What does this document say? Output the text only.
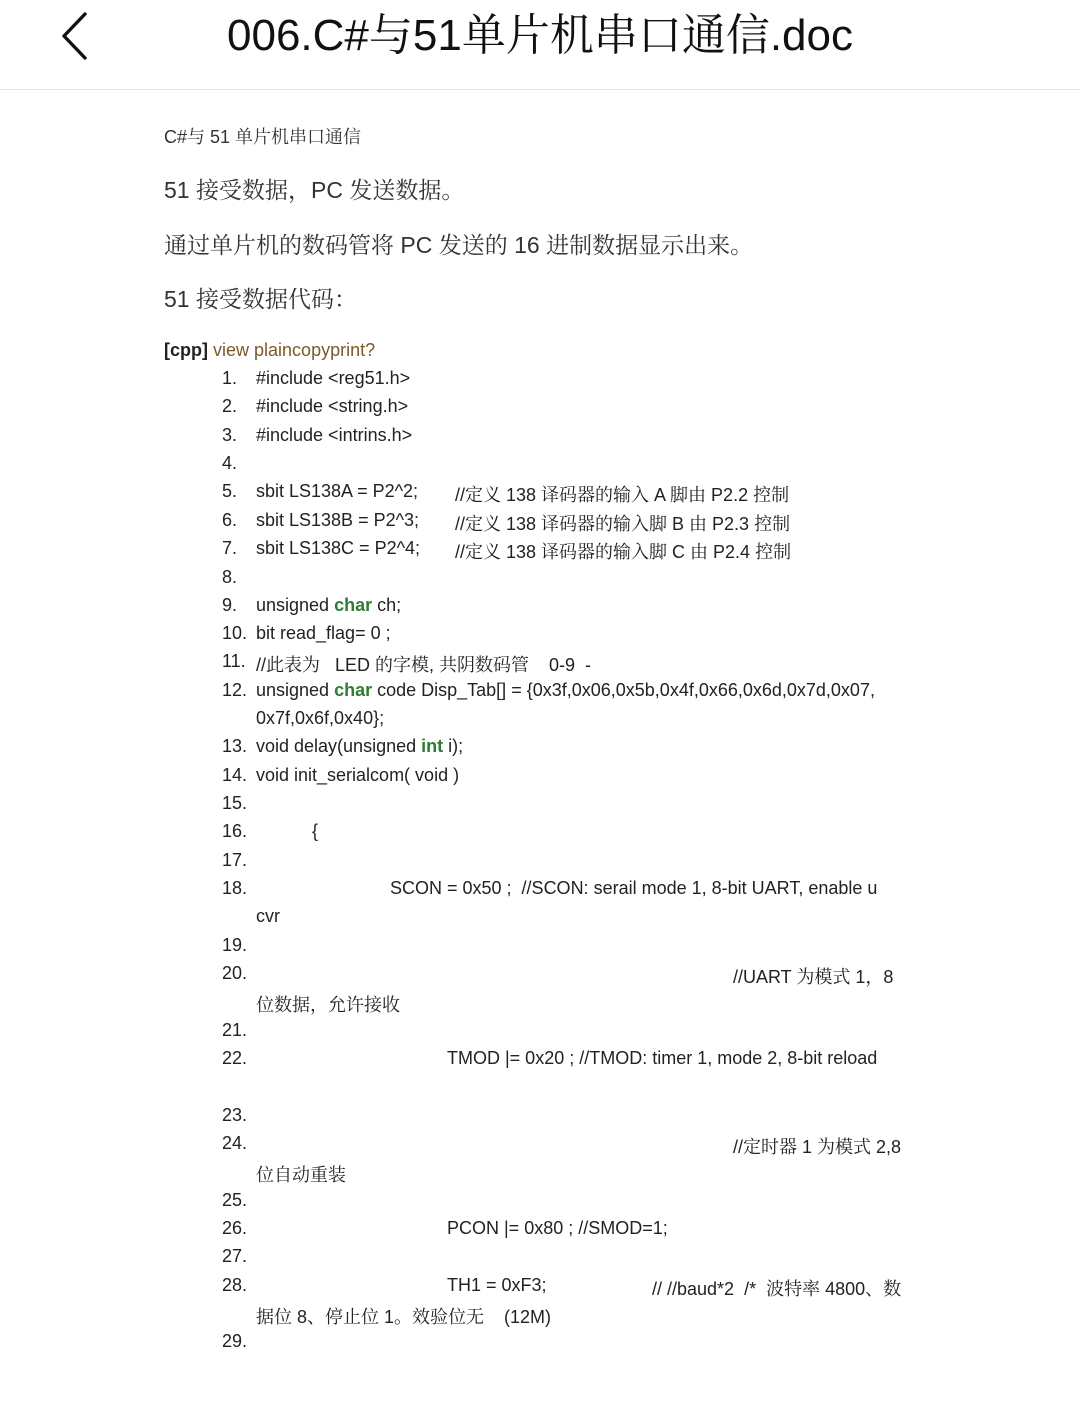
006.C#与51单片机串口通信.doc
C#与 51 单片机串口通信
51 接受数据，PC 发送数据。
通过单片机的数码管将 PC 发送的 16 进制数据显示出来。
51 接受数据代码：
[cpp] view plaincopyprint?
1.
2.
3.
4.
5.
6.
7.
8.
9.
10.
11.
12.
13.
14.
15.
16.
17.
18.
19.
20.
21.
22.
23.
24.
25.
26.
27.
28.
29.
#include <reg51.h>
#include <string.h>
#include <intrins.h>
sbit LS138A = P2^2; //定义 138 译码器的输入 A 脚由 P2.2 控制
sbit LS138B = P2^3; //定义 138 译码器的输入脚 B 由 P2.3 控制
sbit LS138C = P2^4; //定义 138 译码器的输入脚 C 由 P2.4 控制
unsigned char ch;
bit read_flag= 0 ;
//此表为   LED 的字模, 共阴数码管    0-9  -
unsigned char code Disp_Tab[] = {0x3f,0x06,0x5b,0x4f,0x66,0x6d,0x7d,0x07,
0x7f,0x6f,0x40};
void delay(unsigned int i);
void init_serialcom( void )
{
SCON = 0x50 ;  //SCON: serail mode 1, 8-bit UART, enable u
cvr
//UART 为模式 1，8
位数据，允许接收
TMOD |= 0x20 ; //TMOD: timer 1, mode 2, 8-bit reload
//定时器 1 为模式 2,8
位自动重装
PCON |= 0x80 ; //SMOD=1;
TH1 = 0xF3;	// //baud*2  /*  波特率 4800、数
据位 8、停止位 1。效验位无    (12M)
